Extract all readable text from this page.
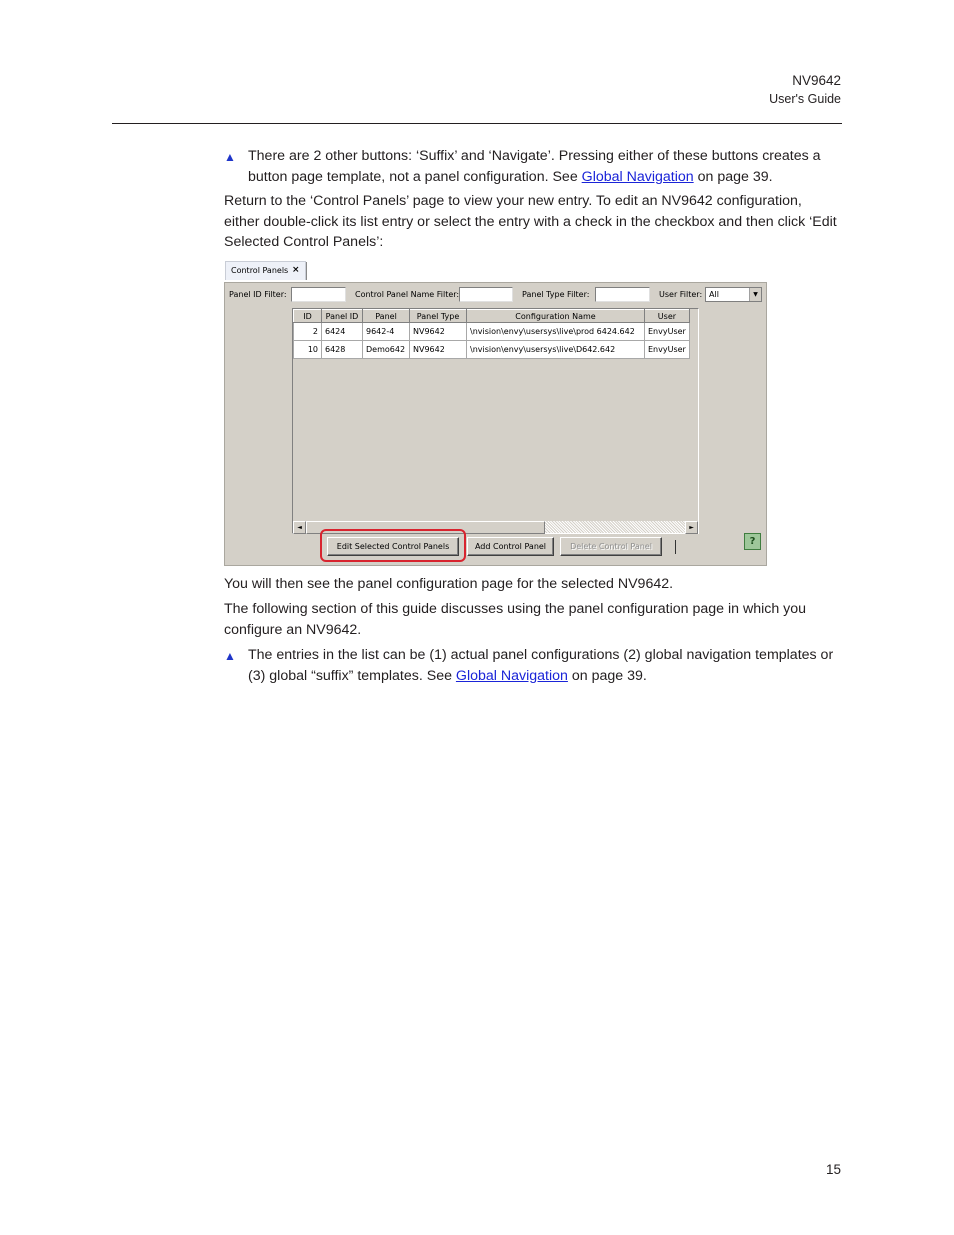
NV9642
User's Guide
▲ There are 2 other buttons: ‘Suffix’ and ‘Navigate’. Pressing either of these buttons creates a button page template, not a panel configuration. See Global Navigation on page 39.

Return to the ‘Control Panels’ page to view your new entry. To edit an NV9642 configuration, either double-click its list entry or select the entry with a check in the checkbox and then click ‘Edit Selected Control Panels’:

Control Panels ×
Panel ID Filter:	Control Panel Name Filter:	Panel Type Filter:	User Filter: All	▼
ID	Panel ID	Panel	Panel Type	Configuration Name	User
2	6424	9642-4	NV9642	\nvision\envy\usersys\live\prod 6424.642	EnvyUser
10	6428	Demo642	NV9642	\nvision\envy\usersys\live\D642.642	EnvyUser
◄	►
Edit Selected Control Panels	Add Control Panel	Delete Control Panel	?

You will then see the panel configuration page for the selected NV9642.

The following section of this guide discusses using the panel configuration page in which you configure an NV9642.

▲ The entries in the list can be (1) actual panel configurations (2) global navigation templates or (3) global “suffix” templates. See Global Navigation on page 39.
15
